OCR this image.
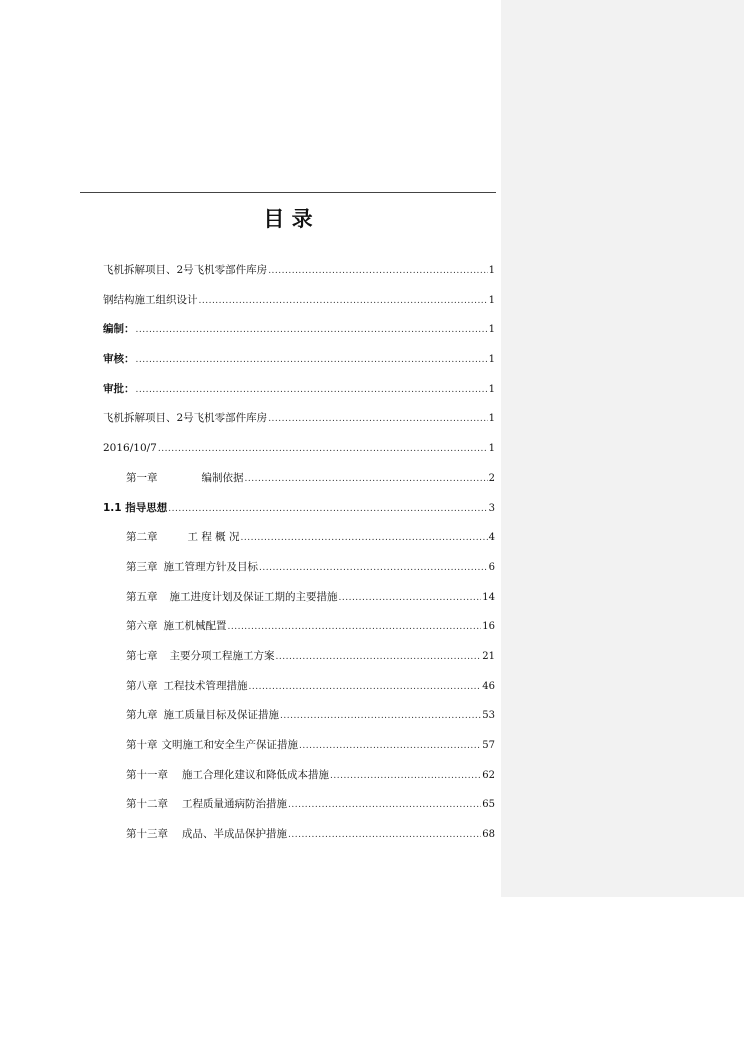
目 录
飞机拆解项目、2号飞机零部件库房 .....	1
钢结构施工组织设计 .....	1
编制： .....	1
审核： .....	1
审批： .....	1
飞机拆解项目、2号飞机零部件库房 .....	1
2016/10/7 .....	1
第一章	编制依据 .....	2
1.1 指导思想 .....	3
第二章	工 程 概 况 .....	4
第三章 施工管理方针及目标 .....	6
第五章 施工进度计划及保证工期的主要措施 .....	14
第六章 施工机械配置 .....	16
第七章 主要分项工程施工方案 .....	21
第八章 工程技术管理措施 .....	46
第九章 施工质量目标及保证措施 .....	53
第十章 文明施工和安全生产保证措施 .....	57
第十一章 施工合理化建议和降低成本措施 .....	62
第十二章 工程质量通病防治措施 .....	65
第十三章 成品、半成品保护措施 .....	68
